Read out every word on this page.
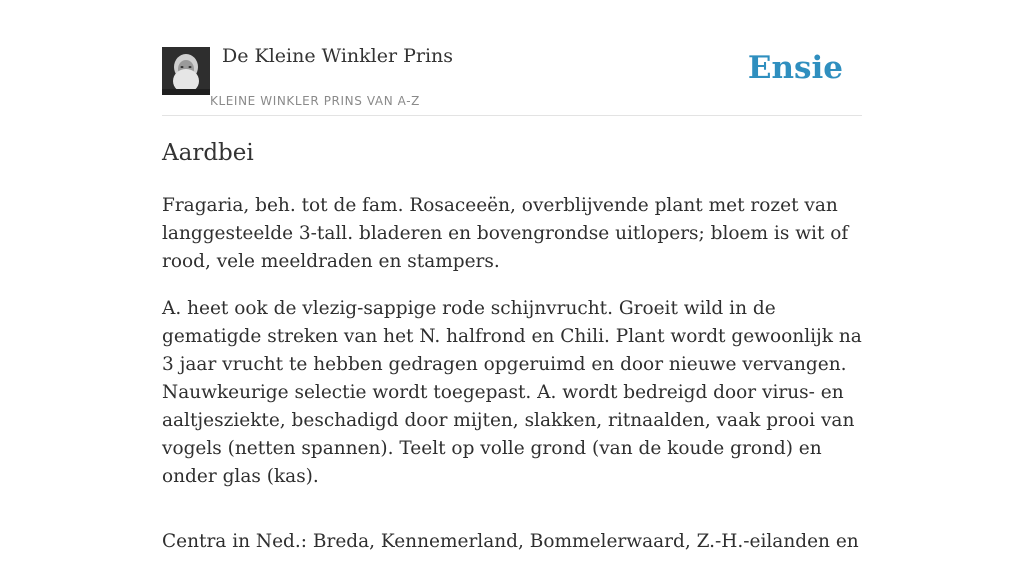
De Kleine Winkler Prins
KLEINE WINKLER PRINS VAN A-Z
Ensie
Aardbei

Fragaria, beh. tot de fam. Rosaceeën, overblijvende plant met rozet van langgesteelde 3-tall. bladeren en bovengrondse uitlopers; bloem is wit of rood, vele meeldraden en stampers.

A. heet ook de vlezig-sappige rode schijnvrucht. Groeit wild in de gematigde streken van het N. halfrond en Chili. Plant wordt gewoonlijk na 3 jaar vrucht te hebben gedragen opgeruimd en door nieuwe vervangen. Nauwkeurige selectie wordt toegepast. A. wordt bedreigd door virus- en aaltjesziekte, beschadigd door mijten, slakken, ritnaalden, vaak prooi van vogels (netten spannen). Teelt op volle grond (van de koude grond) en onder glas (kas).

Centra in Ned.: Breda, Kennemerland, Bommelerwaard, Z.-H.-eilanden en
